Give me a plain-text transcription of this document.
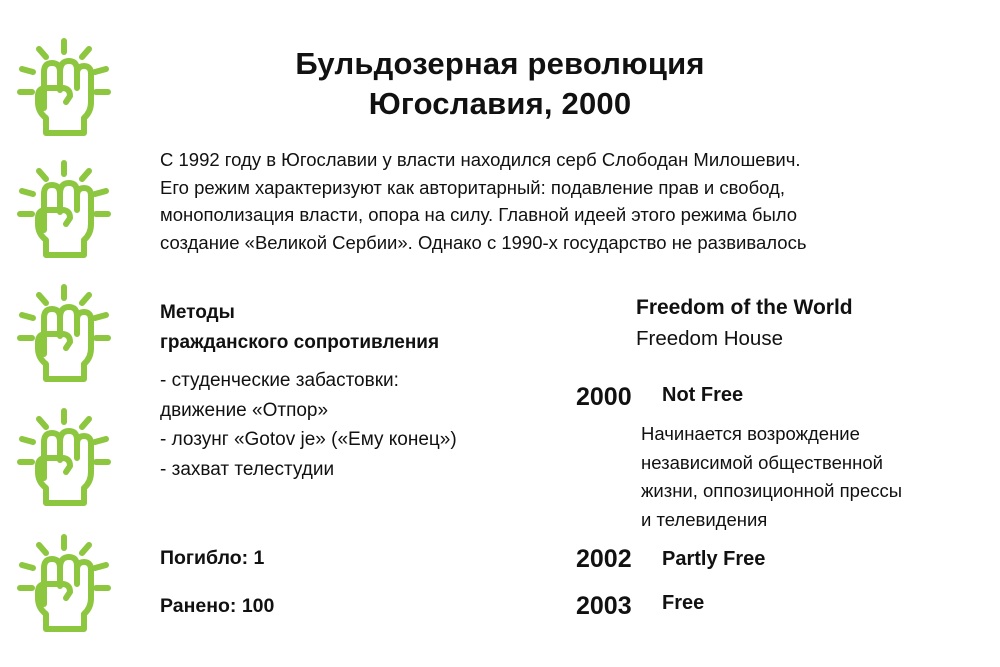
Бульдозерная революция
Югославия, 2000

С 1992 году в Югославии у власти находился серб Слободан Милошевич.

Его режим характеризуют как авторитарный: подавление прав и свобод,

монополизация власти, опора на силу. Главной идеей этого режима было

создание «Великой Сербии». Однако с 1990-х государство не развивалось

Методы
гражданского сопротивления
- студенческие забастовки:
движение «Отпор»
- лозунг «Gotov je» («Ему конец»)
- захват телестудии
Погибло: 1
Ранено: 100
Freedom of the World
Freedom House
2000 Not Free
Начинается возрождение
независимой общественной
жизни, оппозиционной прессы
и телевидения
2002 Partly Free
2003 Free
